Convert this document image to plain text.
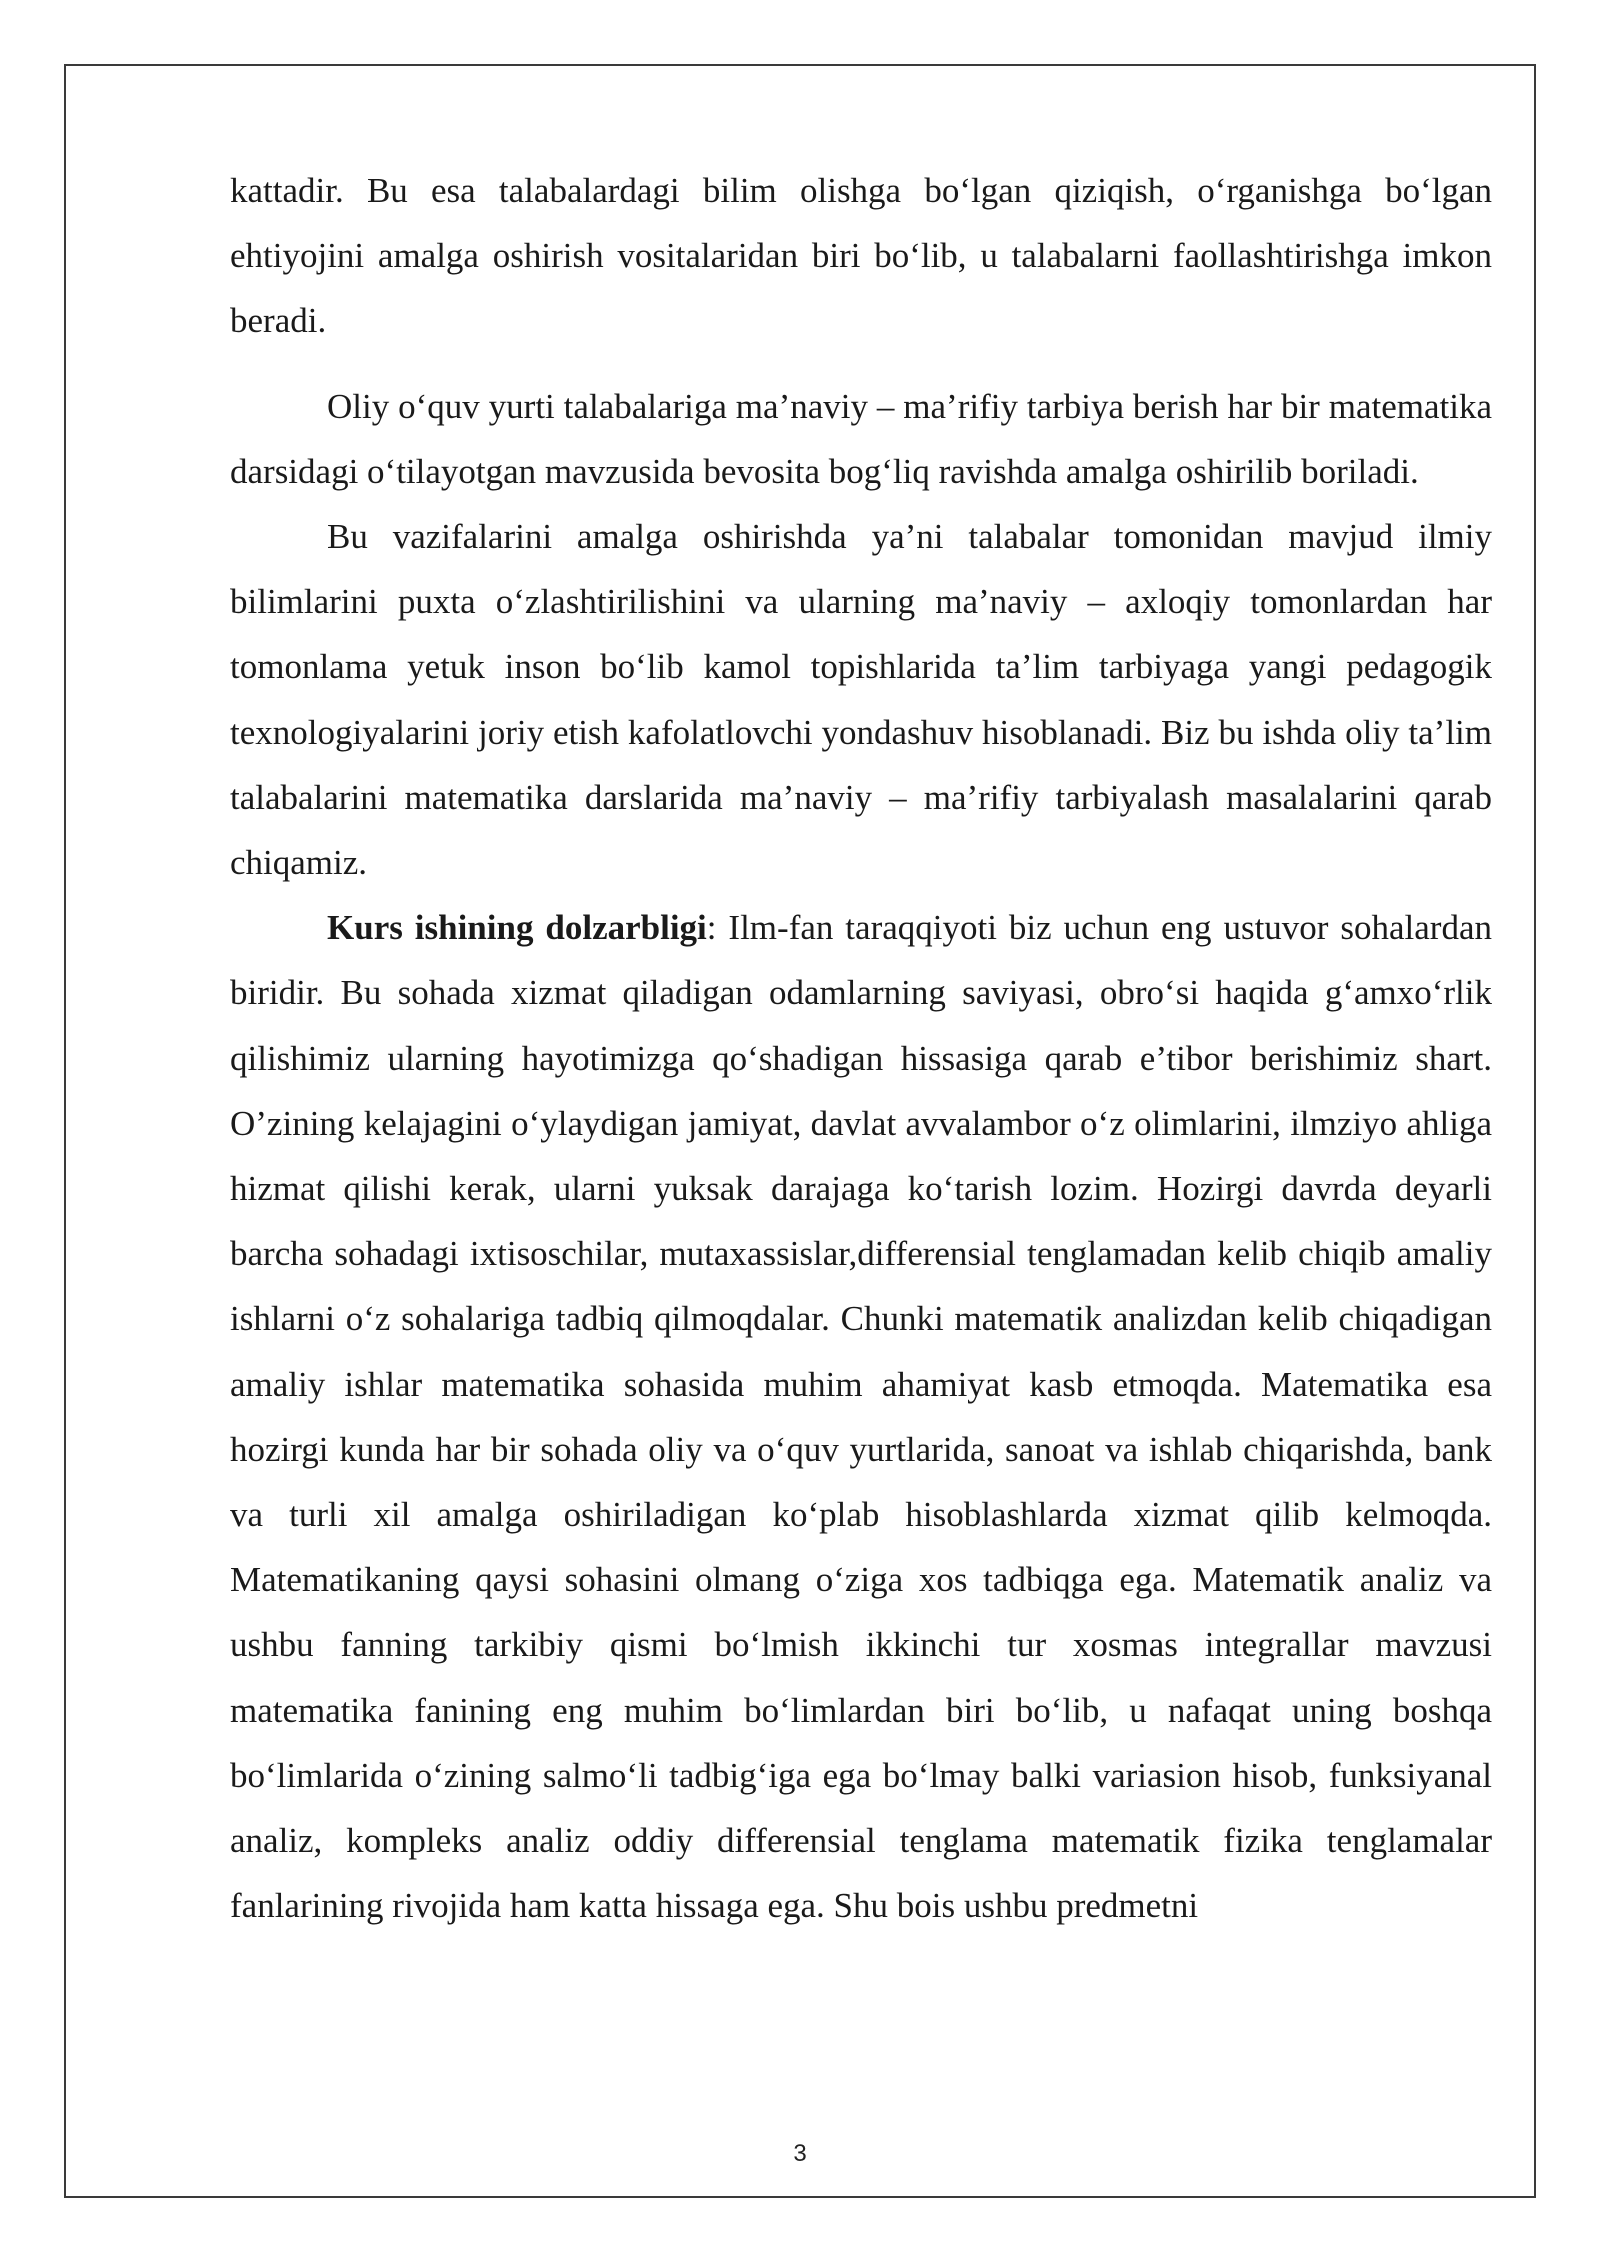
kattadir. Bu esa talabalardagi bilim olishga bo‘lgan qiziqish, o‘rganishga bo‘lgan ehtiyojini amalga oshirish vositalaridan biri bo‘lib, u talabalarni faollashtirishga imkon beradi.

Oliy o‘quv yurti talabalariga ma’naviy – ma’rifiy tarbiya berish har bir matematika darsidagi o‘tilayotgan mavzusida bevosita bog‘liq ravishda amalga oshirilib boriladi.

Bu vazifalarini amalga oshirishda ya’ni talabalar tomonidan mavjud ilmiy bilimlarini puxta o‘zlashtirilishini va ularning ma’naviy – axloqiy tomonlardan har tomonlama yetuk inson bo‘lib kamol topishlarida ta’lim tarbiyaga yangi pedagogik texnologiyalarini joriy etish kafolatlovchi yondashuv hisoblanadi. Biz bu ishda oliy ta’lim talabalarini matematika darslarida ma’naviy – ma’rifiy tarbiyalash masalalarini qarab chiqamiz.

Kurs ishining dolzarbligi: Ilm-fan taraqqiyoti biz uchun eng ustuvor sohalardan biridir. Bu sohada xizmat qiladigan odamlarning saviyasi, obro‘si haqida g‘amxo‘rlik qilishimiz ularning hayotimizga qo‘shadigan hissasiga qarab e’tibor berishimiz shart. O’zining kelajagini o‘ylaydigan jamiyat, davlat avvalambor o‘z olimlarini, ilmziyo ahliga hizmat qilishi kerak, ularni yuksak darajaga ko‘tarish lozim. Hozirgi davrda deyarli barcha sohadagi ixtisoschilar, mutaxassislar,differensial tenglamadan kelib chiqib amaliy ishlarni o‘z sohalariga tadbiq qilmoqdalar. Chunki matematik analizdan kelib chiqadigan amaliy ishlar matematika sohasida muhim ahamiyat kasb etmoqda. Matematika esa hozirgi kunda har bir sohada oliy va o‘quv yurtlarida, sanoat va ishlab chiqarishda, bank va turli xil amalga oshiriladigan ko‘plab hisoblashlarda xizmat qilib kelmoqda. Matematikaning qaysi sohasini olmang o‘ziga xos tadbiqga ega. Matematik analiz va ushbu fanning tarkibiy qismi bo‘lmish ikkinchi tur xosmas integrallar mavzusi matematika fanining eng muhim bo‘limlardan biri bo‘lib, u nafaqat uning boshqa bo‘limlarida o‘zining salmo‘li tadbig‘iga ega bo‘lmay balki variasion hisob, funksiyanal analiz, kompleks analiz oddiy differensial tenglama matematik fizika tenglamalar fanlarining rivojida ham katta hissaga ega. Shu bois ushbu predmetni

3
